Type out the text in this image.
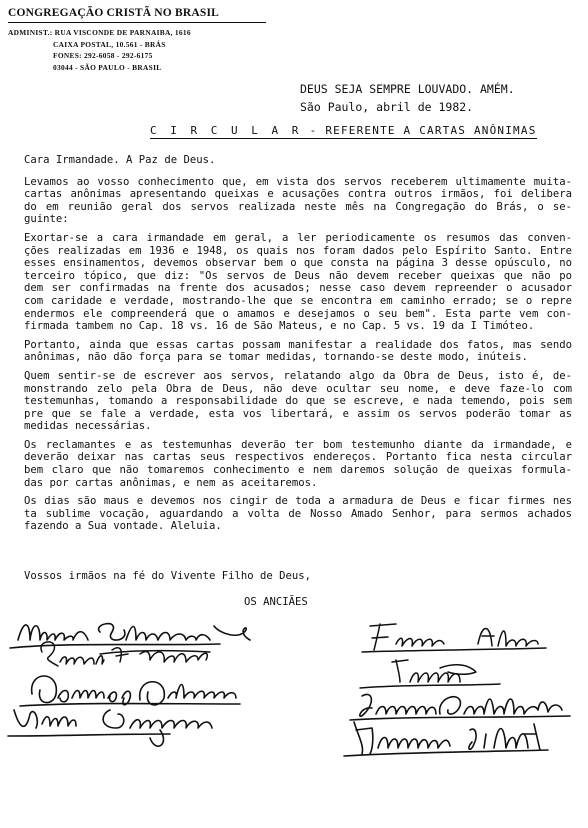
CONGREGAÇÃO CRISTÃ NO BRASIL
ADMINIST.: RUA VISCONDE DE PARNAIBA, 1616
CAIXA POSTAL, 10.561 - BRÁS
FONES: 292-6058 - 292-6175
03044 - SÃO PAULO - BRASIL
DEUS SEJA SEMPRE LOUVADO. AMÉM.
São Paulo, abril de 1982.
C I R C U L A R - REFERENTE A CARTAS ANÔNIMAS
Cara Irmandade. A Paz de Deus.
Levamos ao vosso conhecimento que, em vista dos servos receberem ultimamente muita-
cartas anônimas apresentando queixas e acusações contra outros irmãos, foi delibera
do em reunião geral dos servos realizada neste mês na Congregação do Brás, o se-
guinte:
Exortar-se a cara irmandade em geral, a ler periodicamente os resumos das conven-
ções realizadas em 1936 e 1948, os quais nos foram dados pelo Espírito Santo. Entre
esses ensinamentos, devemos observar bem o que consta na página 3 desse opúsculo, no
terceiro tópico, que diz: "Os servos de Deus não devem receber queixas que não po
dem ser confirmadas na frente dos acusados; nesse caso devem repreender o acusador
com caridade e verdade, mostrando-lhe que se encontra em caminho errado; se o repre
endermos ele compreenderá que o amamos e desejamos o seu bem". Esta parte vem con-
firmada tambem no Cap. 18 vs. 16 de São Mateus, e no Cap. 5 vs. 19 da I Timóteo.
Portanto, ainda que essas cartas possam manifestar a realidade dos fatos, mas sendo
anônimas, não dão força para se tomar medidas, tornando-se deste modo, inúteis.
Quem sentir-se de escrever aos servos, relatando algo da Obra de Deus, isto é, de-
monstrando zelo pela Obra de Deus, não deve ocultar seu nome, e deve faze-lo com
testemunhas, tomando a responsabilidade do que se escreve, e nada temendo, pois sem
pre que se fale a verdade, esta vos libertará, e assim os servos poderão tomar as
medidas necessárias.
Os reclamantes e as testemunhas deverão ter bom testemunho diante da irmandade, e
deverão deixar nas cartas seus respectivos endereços. Portanto fica nesta circular
bem claro que não tomaremos conhecimento e nem daremos solução de queixas formula-
das por cartas anônimas, e nem as aceitaremos.
Os dias são maus e devemos nos cingir de toda a armadura de Deus e ficar firmes nes
ta sublime vocação, aguardando a volta de Nosso Amado Senhor, para sermos achados
fazendo a Sua vontade. Aleluia.
Vossos irmãos na fé do Vivente Filho de Deus,
OS ANCIÃES
